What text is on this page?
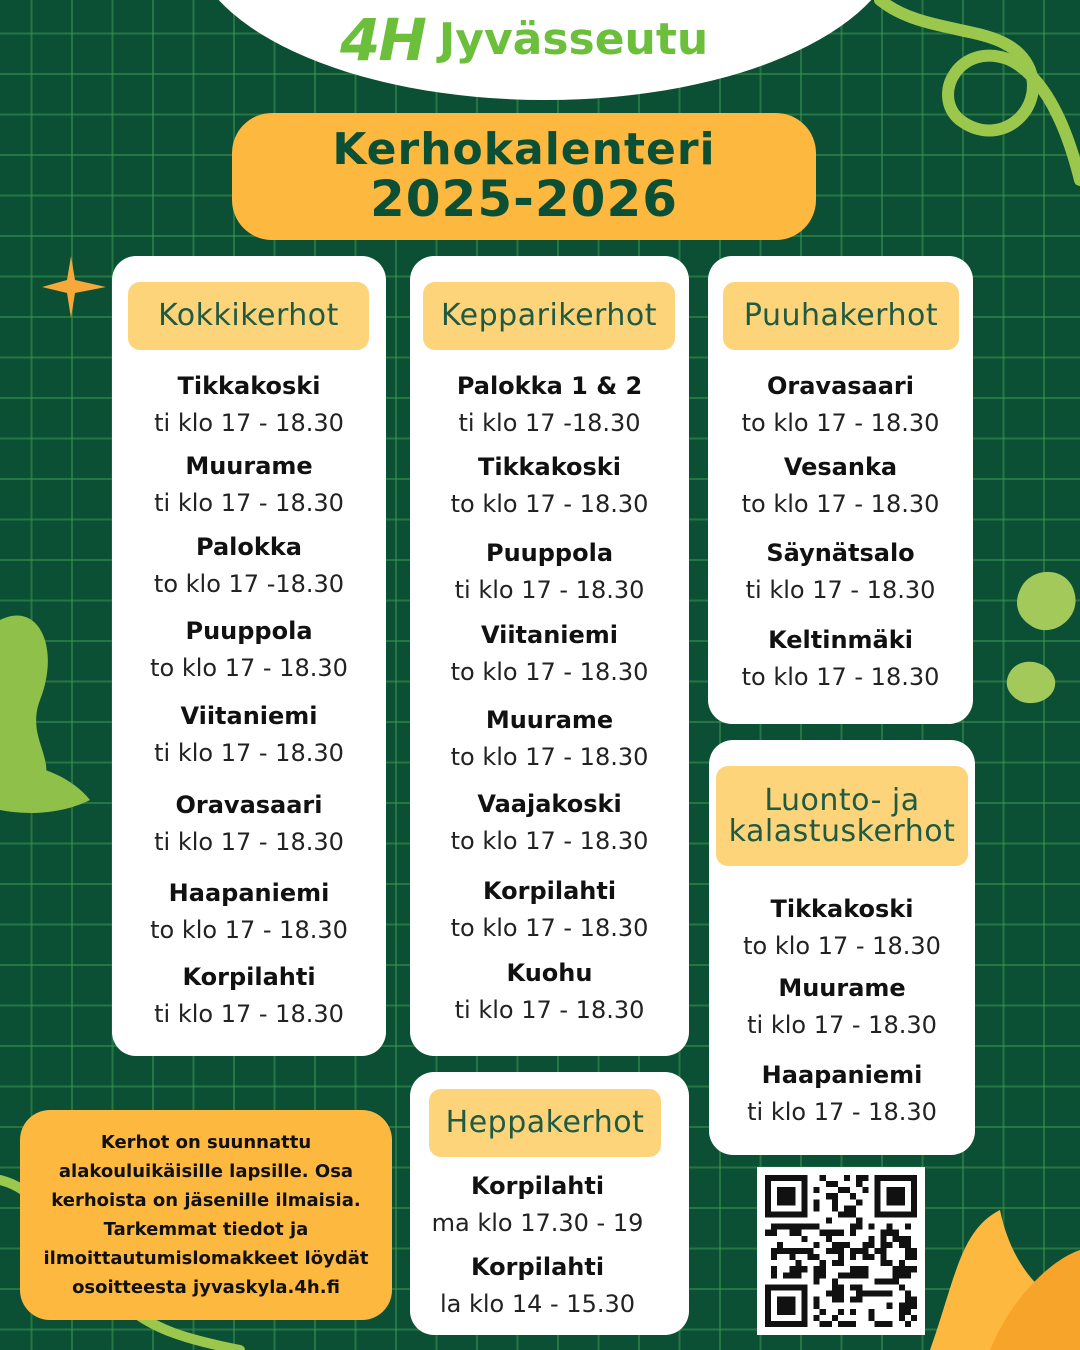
4H Jyvässeutu
Kerhokalenteri
2025-2026
Kokkikerhot
Tikkakoski
ti klo 17 - 18.30
Muurame
ti klo 17 - 18.30
Palokka
to klo 17 -18.30
Puuppola
to klo 17 - 18.30
Viitaniemi
ti klo 17 - 18.30
Oravasaari
ti klo 17 - 18.30
Haapaniemi
to klo 17 - 18.30
Korpilahti
ti klo 17 - 18.30
Kepparikerhot
Palokka 1 & 2
ti klo 17 -18.30
Tikkakoski
to klo 17 - 18.30
Puuppola
ti klo 17 - 18.30
Viitaniemi
to klo 17 - 18.30
Muurame
to klo 17 - 18.30
Vaajakoski
to klo 17 - 18.30
Korpilahti
to klo 17 - 18.30
Kuohu
ti klo 17 - 18.30
Puuhakerhot
Oravasaari
to klo 17 - 18.30
Vesanka
to klo 17 - 18.30
Säynätsalo
ti klo 17 - 18.30
Keltinmäki
to klo 17 - 18.30
Luonto- ja
kalastuskerhot
Tikkakoski
to klo 17 - 18.30
Muurame
ti klo 17 - 18.30
Haapaniemi
ti klo 17 - 18.30
Heppakerhot
Korpilahti
ma klo 17.30 - 19
Korpilahti
la klo 14 - 15.30
Kerhot on suunnattu
alakouluikäisille lapsille. Osa
kerhoista on jäsenille ilmaisia.
Tarkemmat tiedot ja
ilmoittautumislomakkeet löydät
osoitteesta jyvaskyla.4h.fi
